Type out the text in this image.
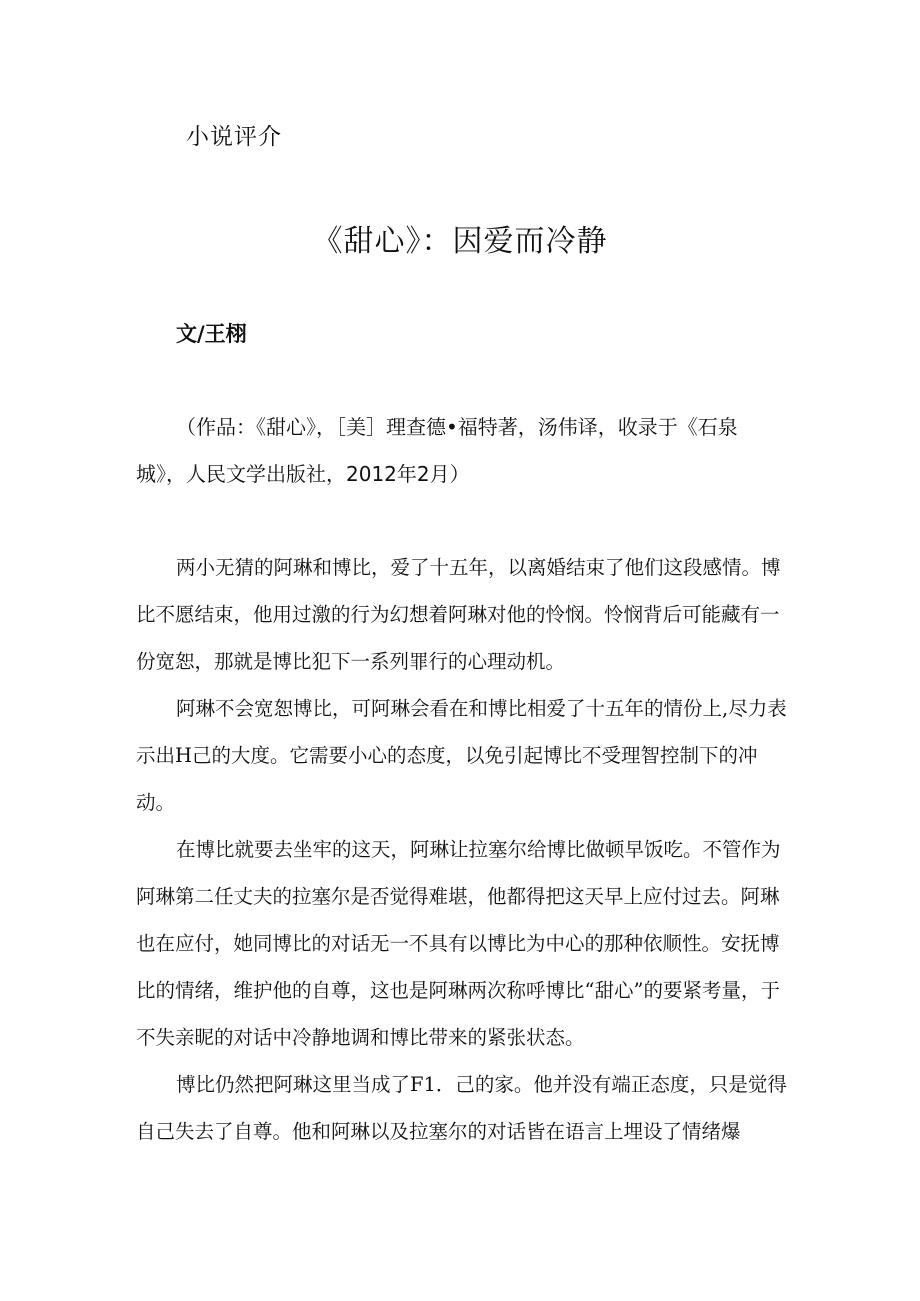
小说评介
《甜心》：因爱而冷静
文/王栩
（作品：《甜心》，［美］理查德•福特著，汤伟译，收录于《石泉城》，人民文学出版社，2012年2月）

两小无猜的阿琳和博比，爱了十五年，以离婚结束了他们这段感情。博比不愿结束，他用过激的行为幻想着阿琳对他的怜悯。怜悯背后可能藏有一份宽恕，那就是博比犯下一系列罪行的心理动机。

阿琳不会宽恕博比，可阿琳会看在和博比相爱了十五年的情份上,尽力表示出H己的大度。它需要小心的态度，以免引起博比不受理智控制下的冲动。

在博比就要去坐牢的这天，阿琳让拉塞尔给博比做顿早饭吃。不管作为阿琳第二任丈夫的拉塞尔是否觉得难堪，他都得把这天早上应付过去。阿琳也在应付，她同博比的对话无一不具有以博比为中心的那种依顺性。安抚博比的情绪，维护他的自尊，这也是阿琳两次称呼博比“甜心”的要紧考量，于不失亲昵的对话中冷静地调和博比带来的紧张状态。

博比仍然把阿琳这里当成了F1．己的家。他并没有端正态度，只是觉得自己失去了自尊。他和阿琳以及拉塞尔的对话皆在语言上埋设了情绪爆
